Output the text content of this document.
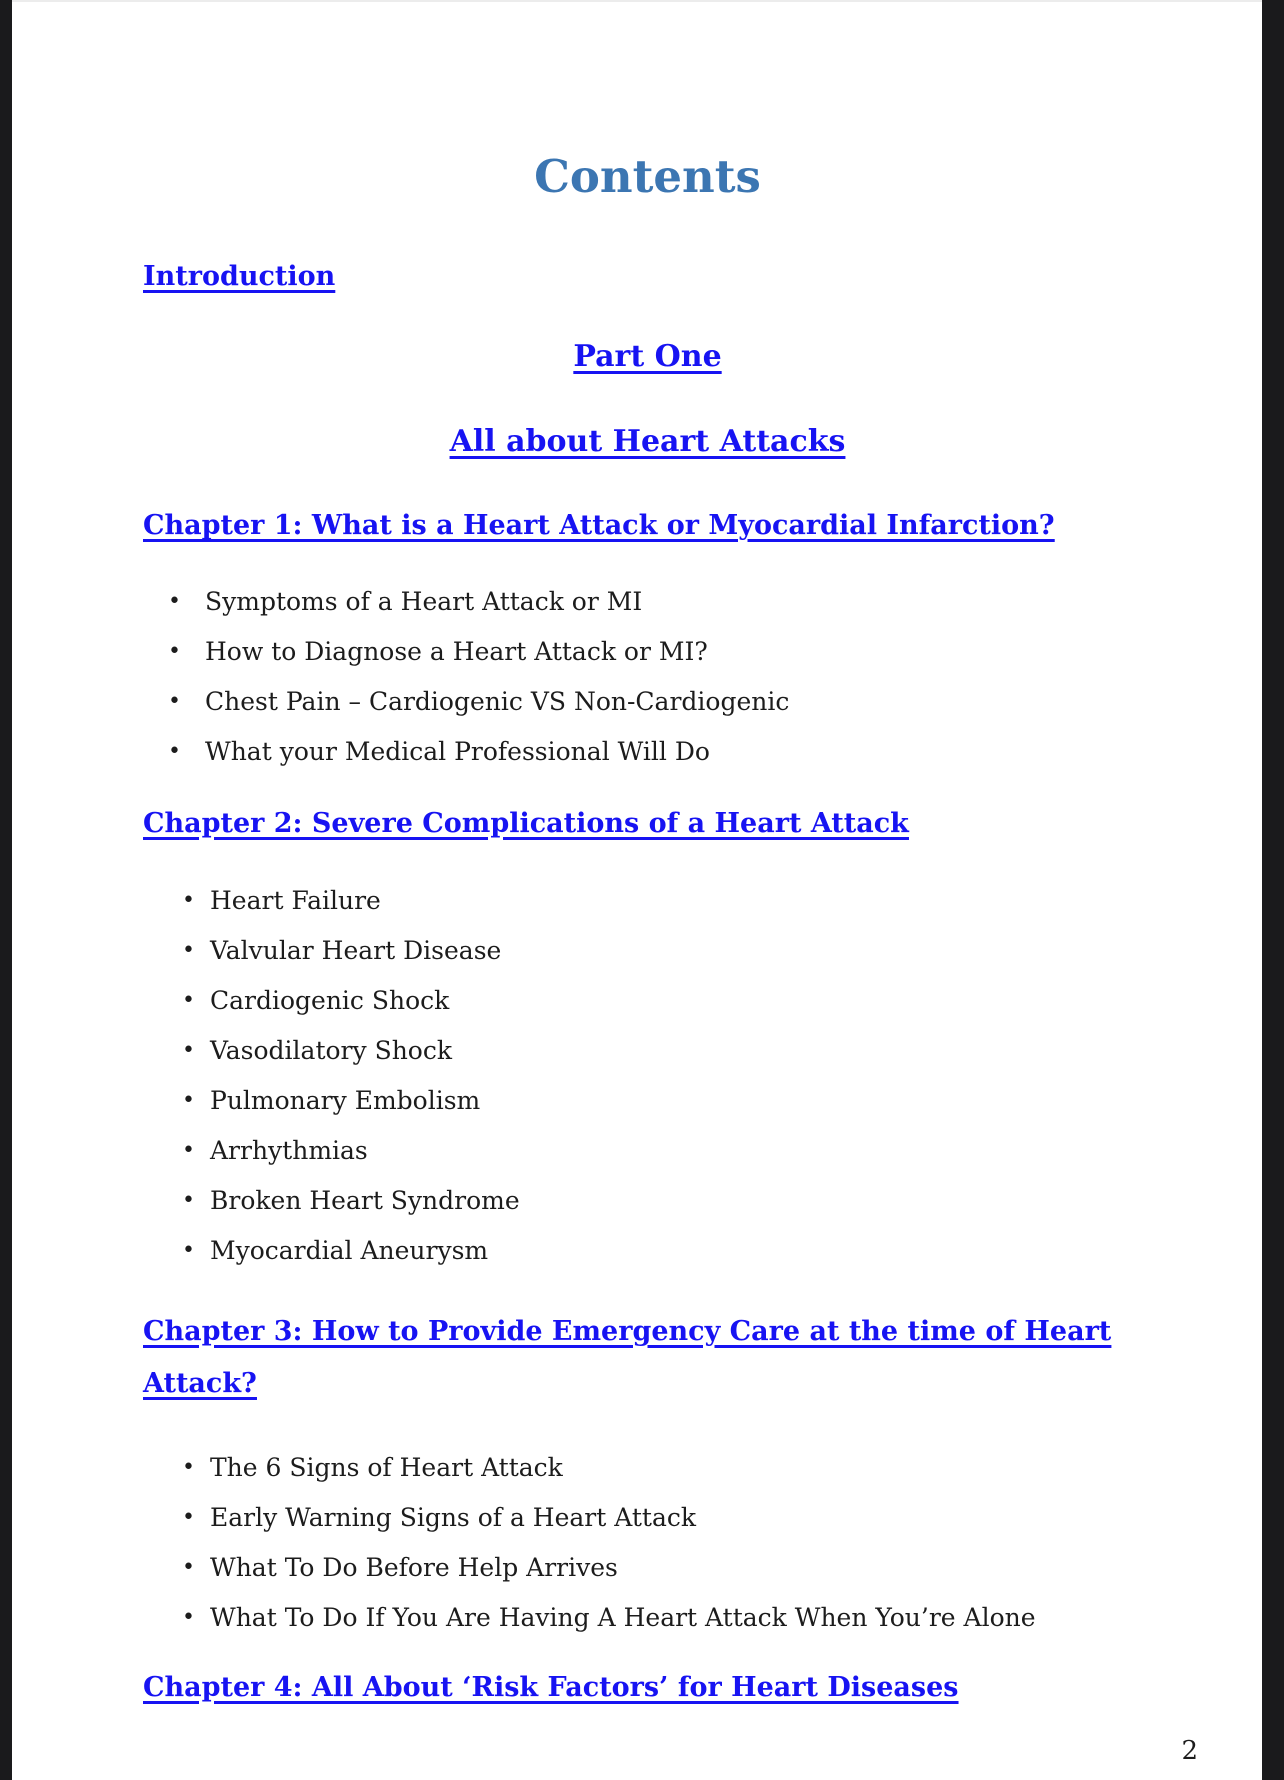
Contents
Introduction
Part One
All about Heart Attacks
Chapter 1: What is a Heart Attack or Myocardial Infarction?
• Symptoms of a Heart Attack or MI
• How to Diagnose a Heart Attack or MI?
• Chest Pain – Cardiogenic VS Non-Cardiogenic
• What your Medical Professional Will Do
Chapter 2: Severe Complications of a Heart Attack
• Heart Failure
• Valvular Heart Disease
• Cardiogenic Shock
• Vasodilatory Shock
• Pulmonary Embolism
• Arrhythmias
• Broken Heart Syndrome
• Myocardial Aneurysm
Chapter 3: How to Provide Emergency Care at the time of Heart
Attack?
• The 6 Signs of Heart Attack
• Early Warning Signs of a Heart Attack
• What To Do Before Help Arrives
• What To Do If You Are Having A Heart Attack When You’re Alone
Chapter 4: All About ‘Risk Factors’ for Heart Diseases
2
